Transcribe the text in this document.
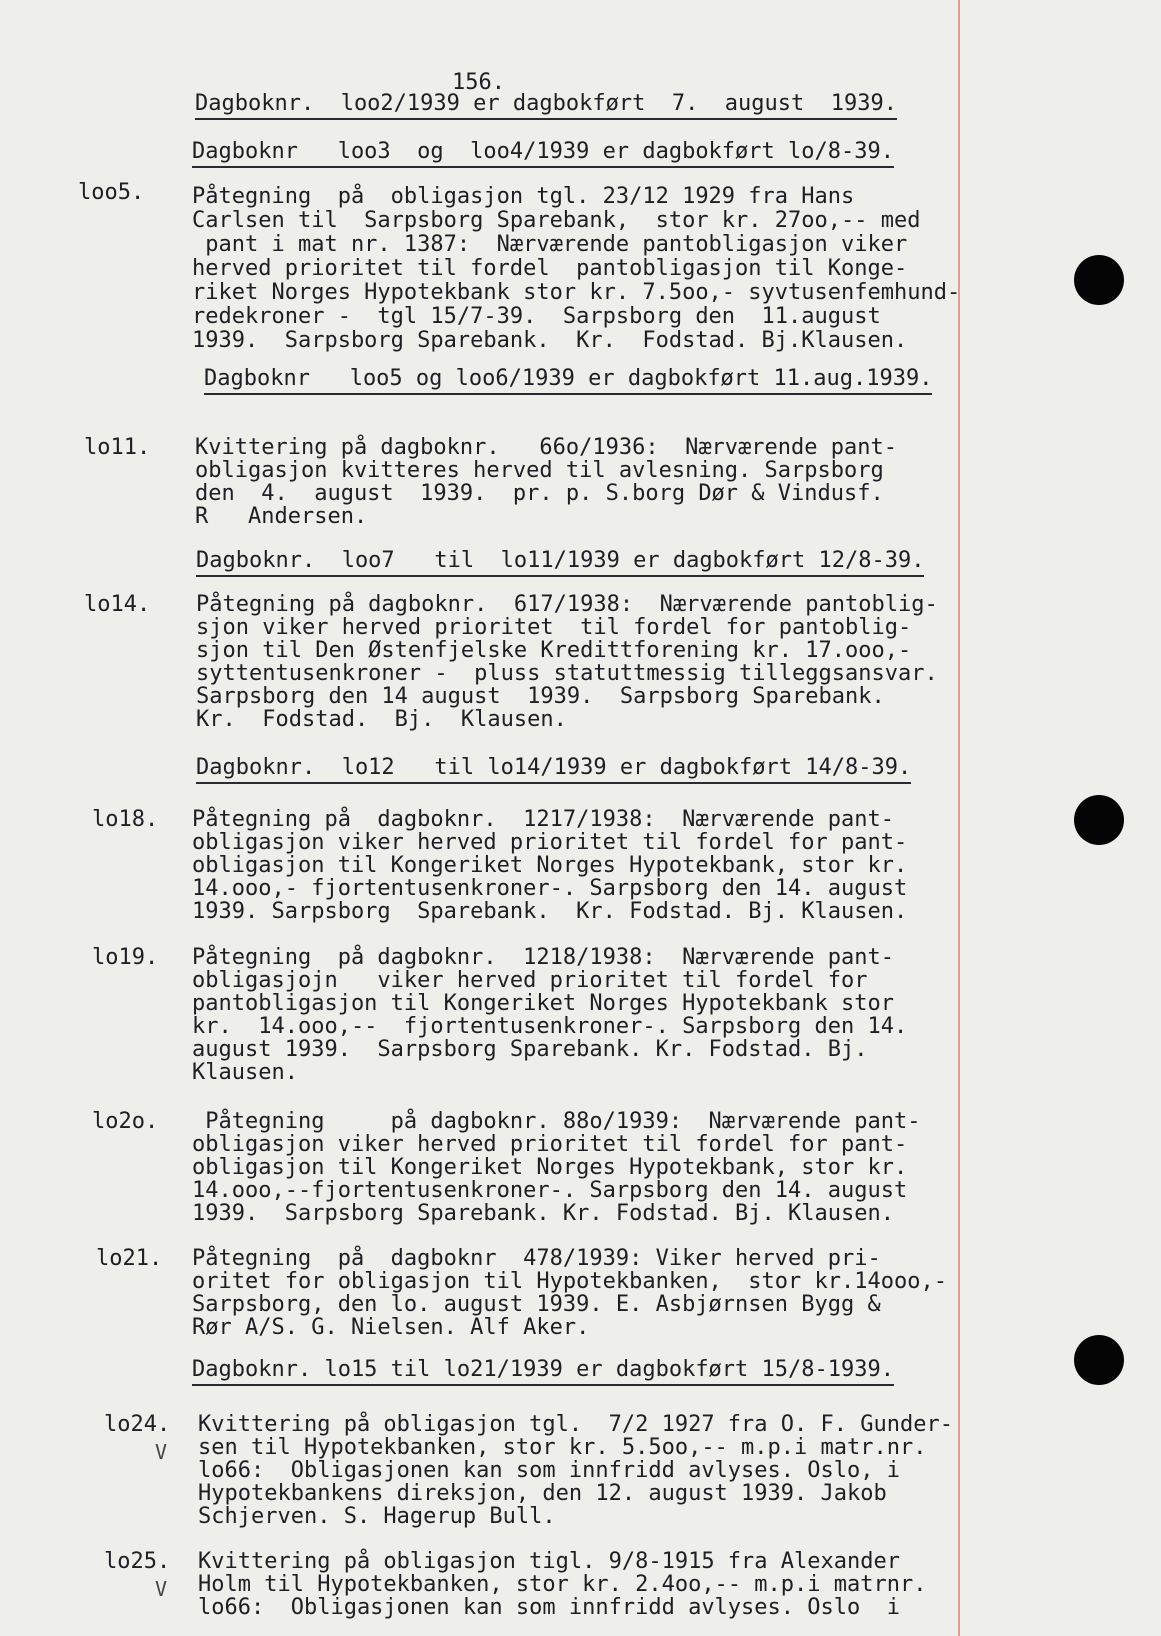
156.
Dagboknr.  loo2/1939 er dagbokført  7.  august  1939.
Dagboknr   loo3  og  loo4/1939 er dagbokført lo/8-39.
loo5. Påtegning  på  obligasjon tgl. 23/12 1929 fra Hans
Carlsen til  Sarpsborg Sparebank,  stor kr. 27oo,-- med
pant i mat nr. 1387:  Nærværende pantobligasjon viker
herved prioritet til fordel  pantobligasjon til Konge-
riket Norges Hypotekbank stor kr. 7.5oo,- syvtusenfemhund-
redekroner -  tgl 15/7-39.  Sarpsborg den  11.august
1939.  Sarpsborg Sparebank.  Kr.  Fodstad. Bj.Klausen.
Dagboknr   loo5 og loo6/1939 er dagbokført 11.aug.1939.
lo11. Kvittering på dagboknr.   66o/1936:  Nærværende pant-
obligasjon kvitteres herved til avlesning. Sarpsborg
den  4.  august  1939.  pr. p. S.borg Dør & Vindusf.
R   Andersen.
Dagboknr.  loo7   til  lo11/1939 er dagbokført 12/8-39.
lo14. Påtegning på dagboknr.  617/1938:  Nærværende pantoblig-
sjon viker herved prioritet  til fordel for pantoblig-
sjon til Den Østenfjelske Kredittforening kr. 17.ooo,-
syttentusenkroner -  pluss statuttmessig tilleggsansvar.
Sarpsborg den 14 august  1939.  Sarpsborg Sparebank.
Kr.  Fodstad.  Bj.  Klausen.
Dagboknr.  lo12   til lo14/1939 er dagbokført 14/8-39.
lo18. Påtegning på  dagboknr.  1217/1938:  Nærværende pant-
obligasjon viker herved prioritet til fordel for pant-
obligasjon til Kongeriket Norges Hypotekbank, stor kr.
14.ooo,- fjortentusenkroner-. Sarpsborg den 14. august
1939. Sarpsborg  Sparebank.  Kr. Fodstad. Bj. Klausen.
lo19. Påtegning  på dagboknr.  1218/1938:  Nærværende pant-
obligasjojn   viker herved prioritet til fordel for
pantobligasjon til Kongeriket Norges Hypotekbank stor
kr.  14.ooo,--  fjortentusenkroner-. Sarpsborg den 14.
august 1939.  Sarpsborg Sparebank. Kr. Fodstad. Bj.
Klausen.
lo2o. Påtegning     på dagboknr. 88o/1939:  Nærværende pant-
obligasjon viker herved prioritet til fordel for pant-
obligasjon til Kongeriket Norges Hypotekbank, stor kr.
14.ooo,--fjortentusenkroner-. Sarpsborg den 14. august
1939.  Sarpsborg Sparebank. Kr. Fodstad. Bj. Klausen.
lo21. Påtegning  på  dagboknr  478/1939: Viker herved pri-
oritet for obligasjon til Hypotekbanken,  stor kr.14ooo,-
Sarpsborg, den lo. august 1939. E. Asbjørnsen Bygg &
Rør A/S. G. Nielsen. Alf Aker.
Dagboknr. lo15 til lo21/1939 er dagbokført 15/8-1939.
lo24.
V
Kvittering på obligasjon tgl.  7/2 1927 fra O. F. Gunder-
sen til Hypotekbanken, stor kr. 5.5oo,-- m.p.i matr.nr.
lo66:  Obligasjonen kan som innfridd avlyses. Oslo, i
Hypotekbankens direksjon, den 12. august 1939. Jakob
Schjerven. S. Hagerup Bull.
lo25.
V
Kvittering på obligasjon tigl. 9/8-1915 fra Alexander
Holm til Hypotekbanken, stor kr. 2.4oo,-- m.p.i matrnr.
lo66:  Obligasjonen kan som innfridd avlyses. Oslo  i
